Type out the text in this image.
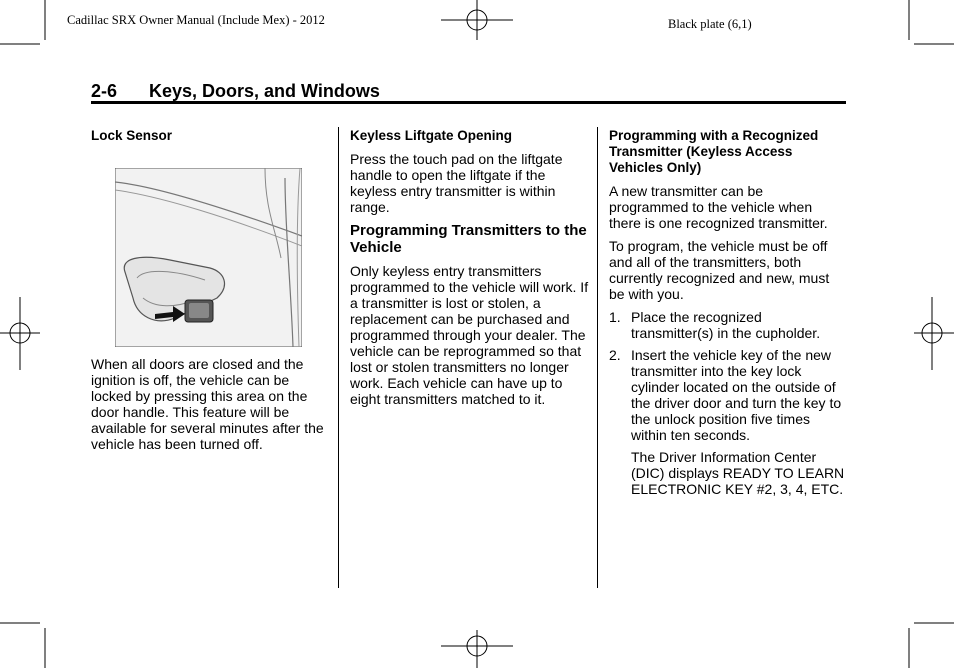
Cadillac SRX Owner Manual (Include Mex) - 2012	Black plate (6,1)
2-6 Keys, Doors, and Windows
Lock Sensor

When all doors are closed and the ignition is off, the vehicle can be locked by pressing this area on the door handle. This feature will be available for several minutes after the vehicle has been turned off.

Keyless Liftgate Opening

Press the touch pad on the liftgate handle to open the liftgate if the keyless entry transmitter is within range.

Programming Transmitters to the Vehicle

Only keyless entry transmitters programmed to the vehicle will work. If a transmitter is lost or stolen, a replacement can be purchased and programmed through your dealer. The vehicle can be reprogrammed so that lost or stolen transmitters no longer work. Each vehicle can have up to eight transmitters matched to it.

Programming with a Recognized Transmitter (Keyless Access Vehicles Only)

A new transmitter can be programmed to the vehicle when there is one recognized transmitter.

To program, the vehicle must be off and all of the transmitters, both currently recognized and new, must be with you.

1. Place the recognized transmitter(s) in the cupholder.
2. Insert the vehicle key of the new transmitter into the key lock cylinder located on the outside of the driver door and turn the key to the unlock position five times within ten seconds.

The Driver Information Center (DIC) displays READY TO LEARN ELECTRONIC KEY #2, 3, 4, ETC.
